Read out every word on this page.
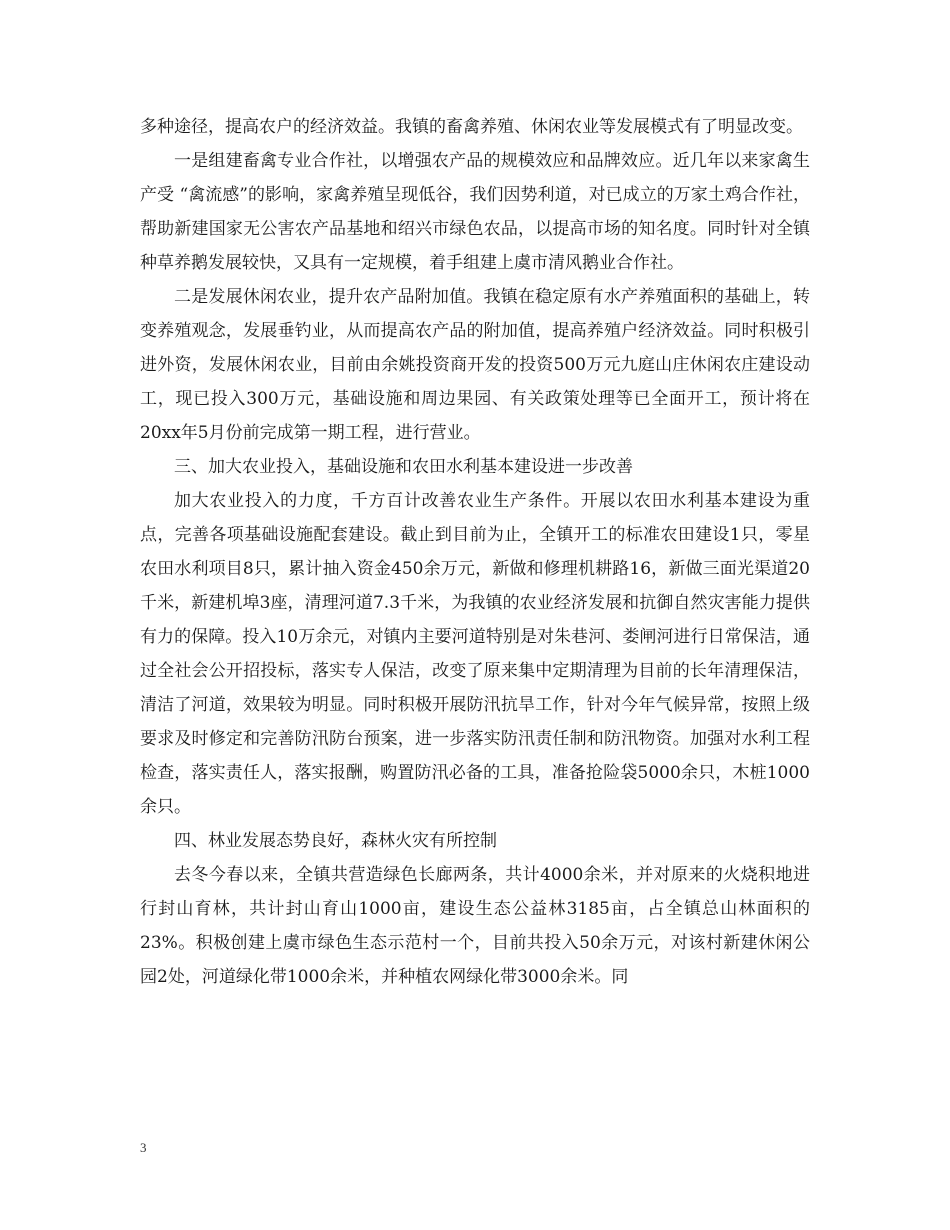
多种途径，提高农户的经济效益。我镇的畜禽养殖、休闲农业等发展模式有了明显改变。

一是组建畜禽专业合作社，以增强农产品的规模效应和品牌效应。近几年以来家禽生产受 “禽流感”的影响，家禽养殖呈现低谷，我们因势利道，对已成立的万家土鸡合作社，帮助新建国家无公害农产品基地和绍兴市绿色农品，以提高市场的知名度。同时针对全镇种草养鹅发展较快，又具有一定规模，着手组建上虞市清风鹅业合作社。

二是发展休闲农业，提升农产品附加值。我镇在稳定原有水产养殖面积的基础上，转变养殖观念，发展垂钓业，从而提高农产品的附加值，提高养殖户经济效益。同时积极引进外资，发展休闲农业，目前由余姚投资商开发的投资500万元九庭山庄休闲农庄建设动工，现已投入300万元，基础设施和周边果园、有关政策处理等已全面开工，预计将在20xx年5月份前完成第一期工程，进行营业。

三、加大农业投入，基础设施和农田水利基本建设进一步改善

加大农业投入的力度，千方百计改善农业生产条件。开展以农田水利基本建设为重点，完善各项基础设施配套建设。截止到目前为止，全镇开工的标准农田建设1只，零星农田水利项目8只，累计抽入资金450余万元，新做和修理机耕路16，新做三面光渠道20千米，新建机埠3座，清理河道7.3千米，为我镇的农业经济发展和抗御自然灾害能力提供有力的保障。投入10万余元，对镇内主要河道特别是对朱巷河、娄闸河进行日常保洁，通过全社会公开招投标，落实专人保洁，改变了原来集中定期清理为目前的长年清理保洁，清洁了河道，效果较为明显。同时积极开展防汛抗旱工作，针对今年气候异常，按照上级要求及时修定和完善防汛防台预案，进一步落实防汛责任制和防汛物资。加强对水利工程检查，落实责任人，落实报酬，购置防汛必备的工具，准备抢险袋5000余只，木桩1000余只。

四、林业发展态势良好，森林火灾有所控制

去冬今春以来，全镇共营造绿色长廊两条，共计4000余米，并对原来的火烧积地进行封山育林，共计封山育山1000亩，建设生态公益林3185亩，占全镇总山林面积的23%。积极创建上虞市绿色生态示范村一个，目前共投入50余万元，对该村新建休闲公园2处，河道绿化带1000余米，并种植农网绿化带3000余米。同

3
